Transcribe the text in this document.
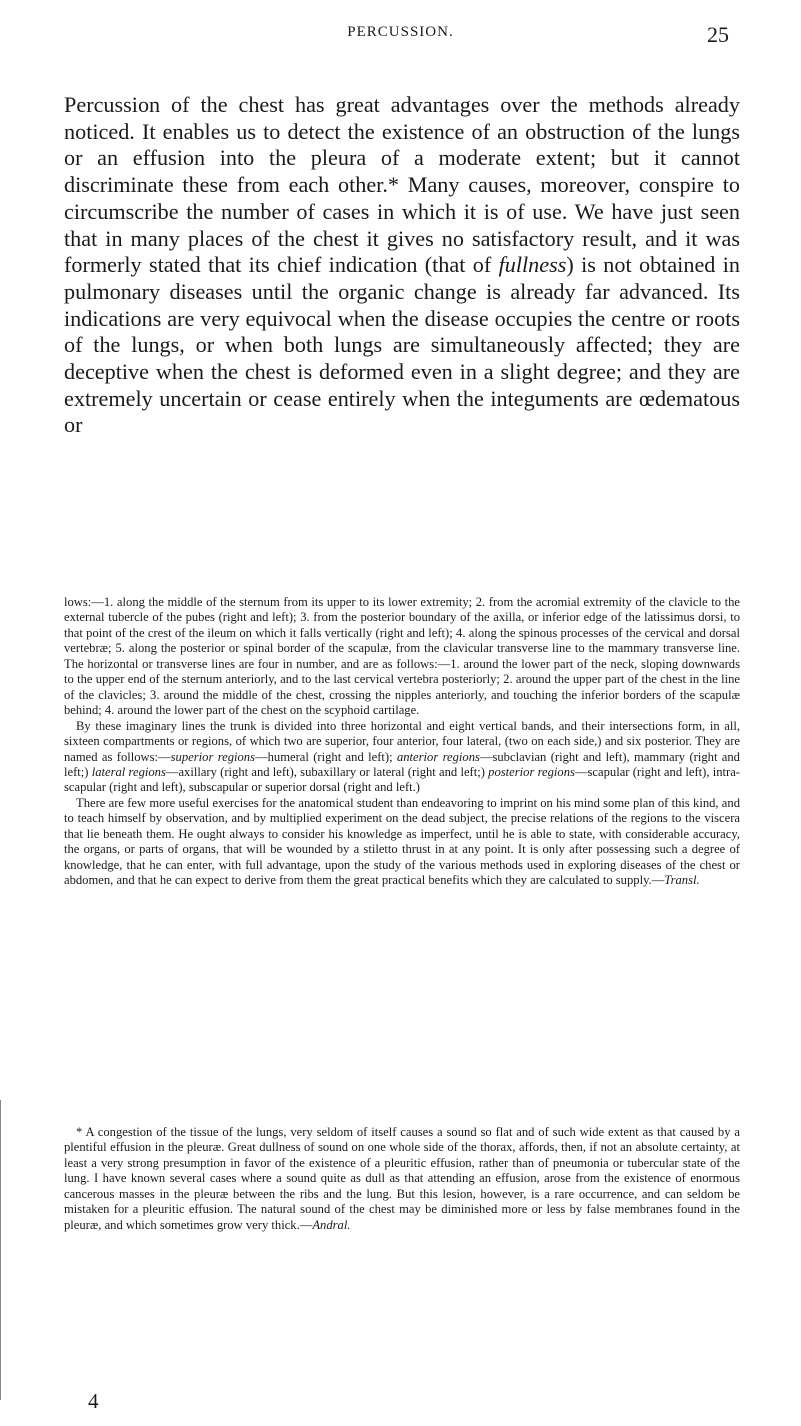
PERCUSSION.	25

Percussion of the chest has great advantages over the methods already noticed. It enables us to detect the existence of an obstruction of the lungs or an effusion into the pleura of a moderate extent; but it cannot discriminate these from each other.* Many causes, moreover, conspire to circumscribe the number of cases in which it is of use. We have just seen that in many places of the chest it gives no satisfactory result, and it was formerly stated that its chief indication (that of fullness) is not obtained in pulmonary diseases until the organic change is already far advanced. Its indications are very equivocal when the disease occupies the centre or roots of the lungs, or when both lungs are simultaneously affected; they are deceptive when the chest is deformed even in a slight degree; and they are extremely uncertain or cease entirely when the integuments are œdematous or

lows:—1. along the middle of the sternum from its upper to its lower extremity; 2. from the acromial extremity of the clavicle to the external tubercle of the pubes (right and left); 3. from the posterior boundary of the axilla, or inferior edge of the latissimus dorsi, to that point of the crest of the ileum on which it falls vertically (right and left); 4. along the spinous processes of the cervical and dorsal vertebræ; 5. along the posterior or spinal border of the scapulæ, from the clavicular transverse line to the mammary transverse line. The horizontal or transverse lines are four in number, and are as follows:—1. around the lower part of the neck, sloping downwards to the upper end of the sternum anteriorly, and to the last cervical vertebra posteriorly; 2. around the upper part of the chest in the line of the clavicles; 3. around the middle of the chest, crossing the nipples anteriorly, and touching the inferior borders of the scapulæ behind; 4. around the lower part of the chest on the scyphoid cartilage.

By these imaginary lines the trunk is divided into three horizontal and eight vertical bands, and their intersections form, in all, sixteen compartments or regions, of which two are superior, four anterior, four lateral, (two on each side,) and six posterior. They are named as follows:—superior regions—humeral (right and left); anterior regions—subclavian (right and left), mammary (right and left;) lateral regions—axillary (right and left), subaxillary or lateral (right and left;) posterior regions—scapular (right and left), intra-scapular (right and left), subscapular or superior dorsal (right and left.)

There are few more useful exercises for the anatomical student than endeavoring to imprint on his mind some plan of this kind, and to teach himself by observation, and by multiplied experiment on the dead subject, the precise relations of the regions to the viscera that lie beneath them. He ought always to consider his knowledge as imperfect, until he is able to state, with considerable accuracy, the organs, or parts of organs, that will be wounded by a stiletto thrust in at any point. It is only after possessing such a degree of knowledge, that he can enter, with full advantage, upon the study of the various methods used in exploring diseases of the chest or abdomen, and that he can expect to derive from them the great practical benefits which they are calculated to supply.—Transl.

* A congestion of the tissue of the lungs, very seldom of itself causes a sound so flat and of such wide extent as that caused by a plentiful effusion in the pleuræ. Great dullness of sound on one whole side of the thorax, affords, then, if not an absolute certainty, at least a very strong presumption in favor of the existence of a pleuritic effusion, rather than of pneumonia or tubercular state of the lung. I have known several cases where a sound quite as dull as that attending an effusion, arose from the existence of enormous cancerous masses in the pleuræ between the ribs and the lung. But this lesion, however, is a rare occurrence, and can seldom be mistaken for a pleuritic effusion. The natural sound of the chest may be diminished more or less by false membranes found in the pleuræ, and which sometimes grow very thick.—Andral.

4
